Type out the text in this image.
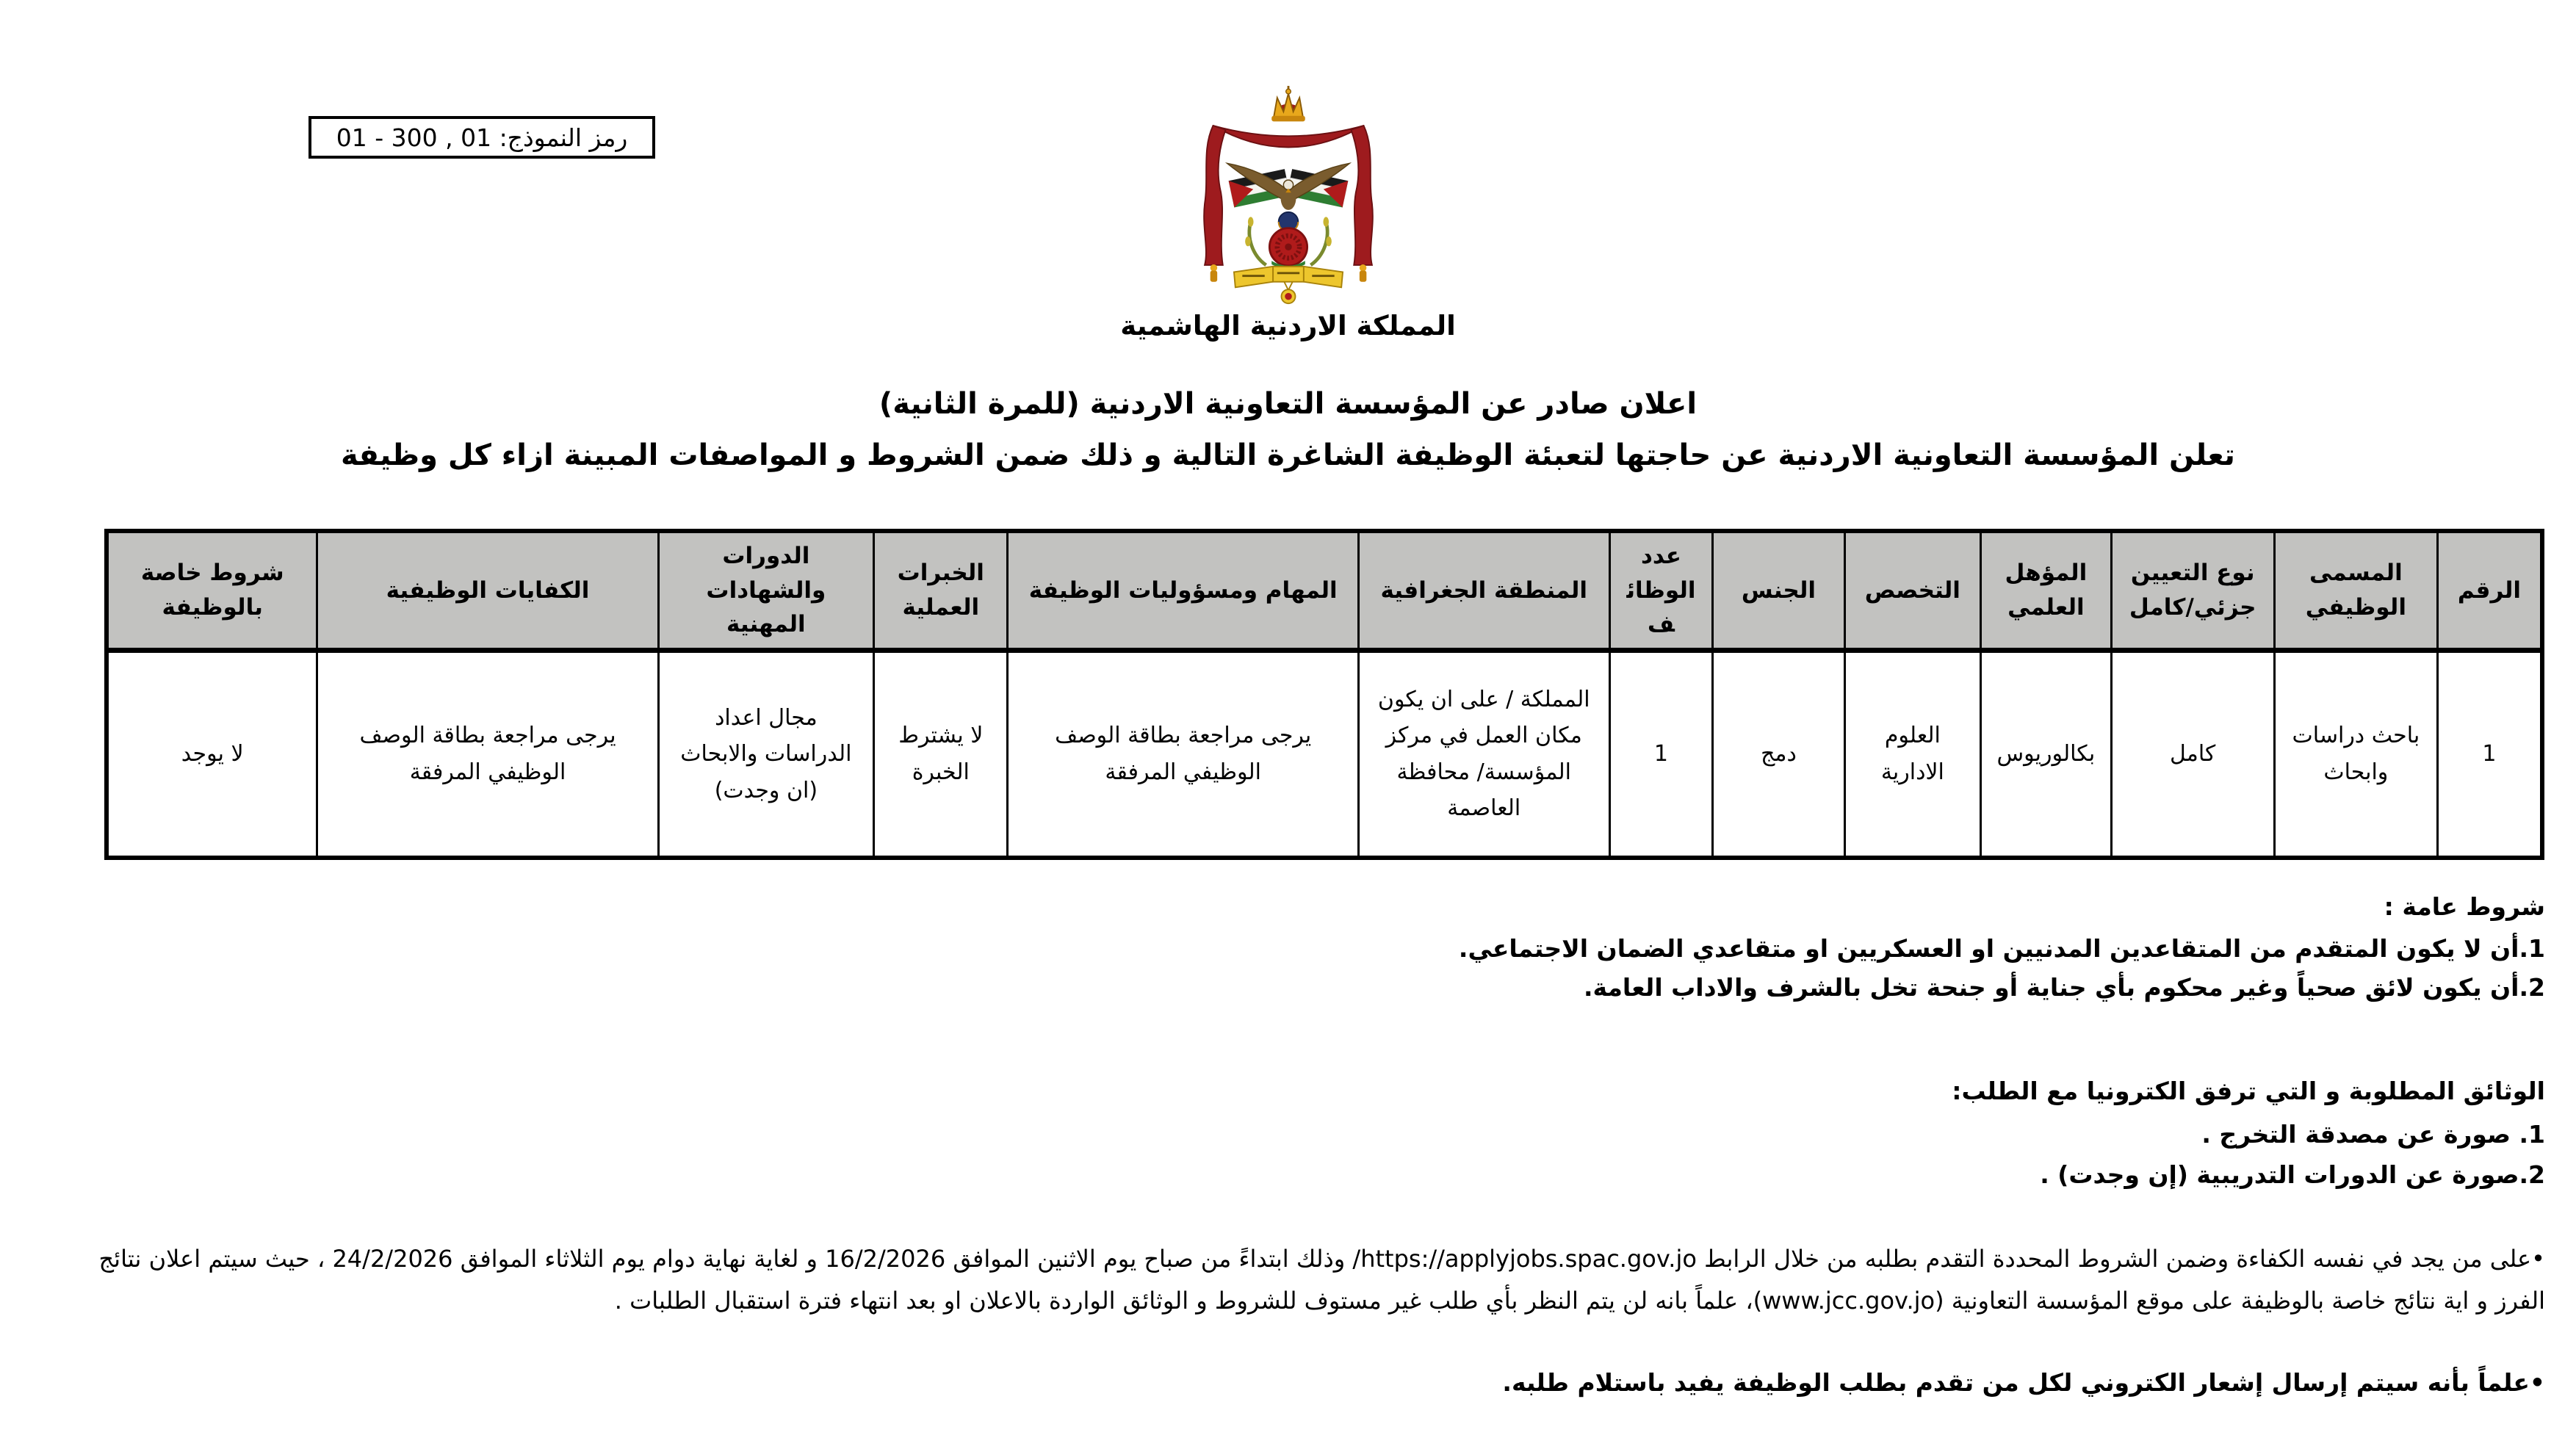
رمز النموذج: 01 , 300 - 01
المملكة الاردنية الهاشمية
اعلان صادر عن المؤسسة التعاونية الاردنية (للمرة الثانية)
تعلن المؤسسة التعاونية الاردنية عن حاجتها لتعبئة الوظيفة الشاغرة التالية و ذلك ضمن الشروط و المواصفات المبينة ازاء كل وظيفة
الرقم	المسمى الوظيفي	نوع التعيين جزئي/كامل	المؤهل العلمي	التخصص	الجنس	عدد الوظائف	المنطقة الجغرافية	المهام ومسؤوليات الوظيفة	الخبرات العملية	الدورات والشهادات المهنية	الكفايات الوظيفية	شروط خاصة بالوظيفة
1	باحث دراسات وابحاث	كامل	بكالوريوس	العلوم الادارية	دمج	1	المملكة / على ان يكون مكان العمل في مركز المؤسسة/ محافظة العاصمة	يرجى مراجعة بطاقة الوصف الوظيفي المرفقة	لا يشترط الخبرة	مجال اعداد الدراسات والابحاث (ان وجدت)	يرجى مراجعة بطاقة الوصف الوظيفي المرفقة	لا يوجد
شروط عامة :
1.أن لا يكون المتقدم من المتقاعدين المدنيين او العسكريين او متقاعدي الضمان الاجتماعي.
2.أن يكون لائق صحياً وغير محكوم بأي جناية أو جنحة تخل بالشرف والاداب العامة.
الوثائق المطلوبة و التي ترفق الكترونيا مع الطلب:
1. صورة عن مصدقة التخرج .
2.صورة عن الدورات التدريبية (إن وجدت) .
•على من يجد في نفسه الكفاءة وضمن الشروط المحددة التقدم بطلبه من خلال الرابط https://applyjobs.spac.gov.jo/ وذلك ابتداءً من صباح يوم الاثنين الموافق 16/2/2026 و لغاية نهاية دوام يوم الثلاثاء الموافق 24/2/2026 ، حيث سيتم اعلان نتائج
الفرز و اية نتائج خاصة بالوظيفة على موقع المؤسسة التعاونية (www.jcc.gov.jo)، علماً بانه لن يتم النظر بأي طلب غير مستوف للشروط و الوثائق الواردة بالاعلان او بعد انتهاء فترة استقبال الطلبات .
•علماً بأنه سيتم إرسال إشعار الكتروني لكل من تقدم بطلب الوظيفة يفيد باستلام طلبه.
